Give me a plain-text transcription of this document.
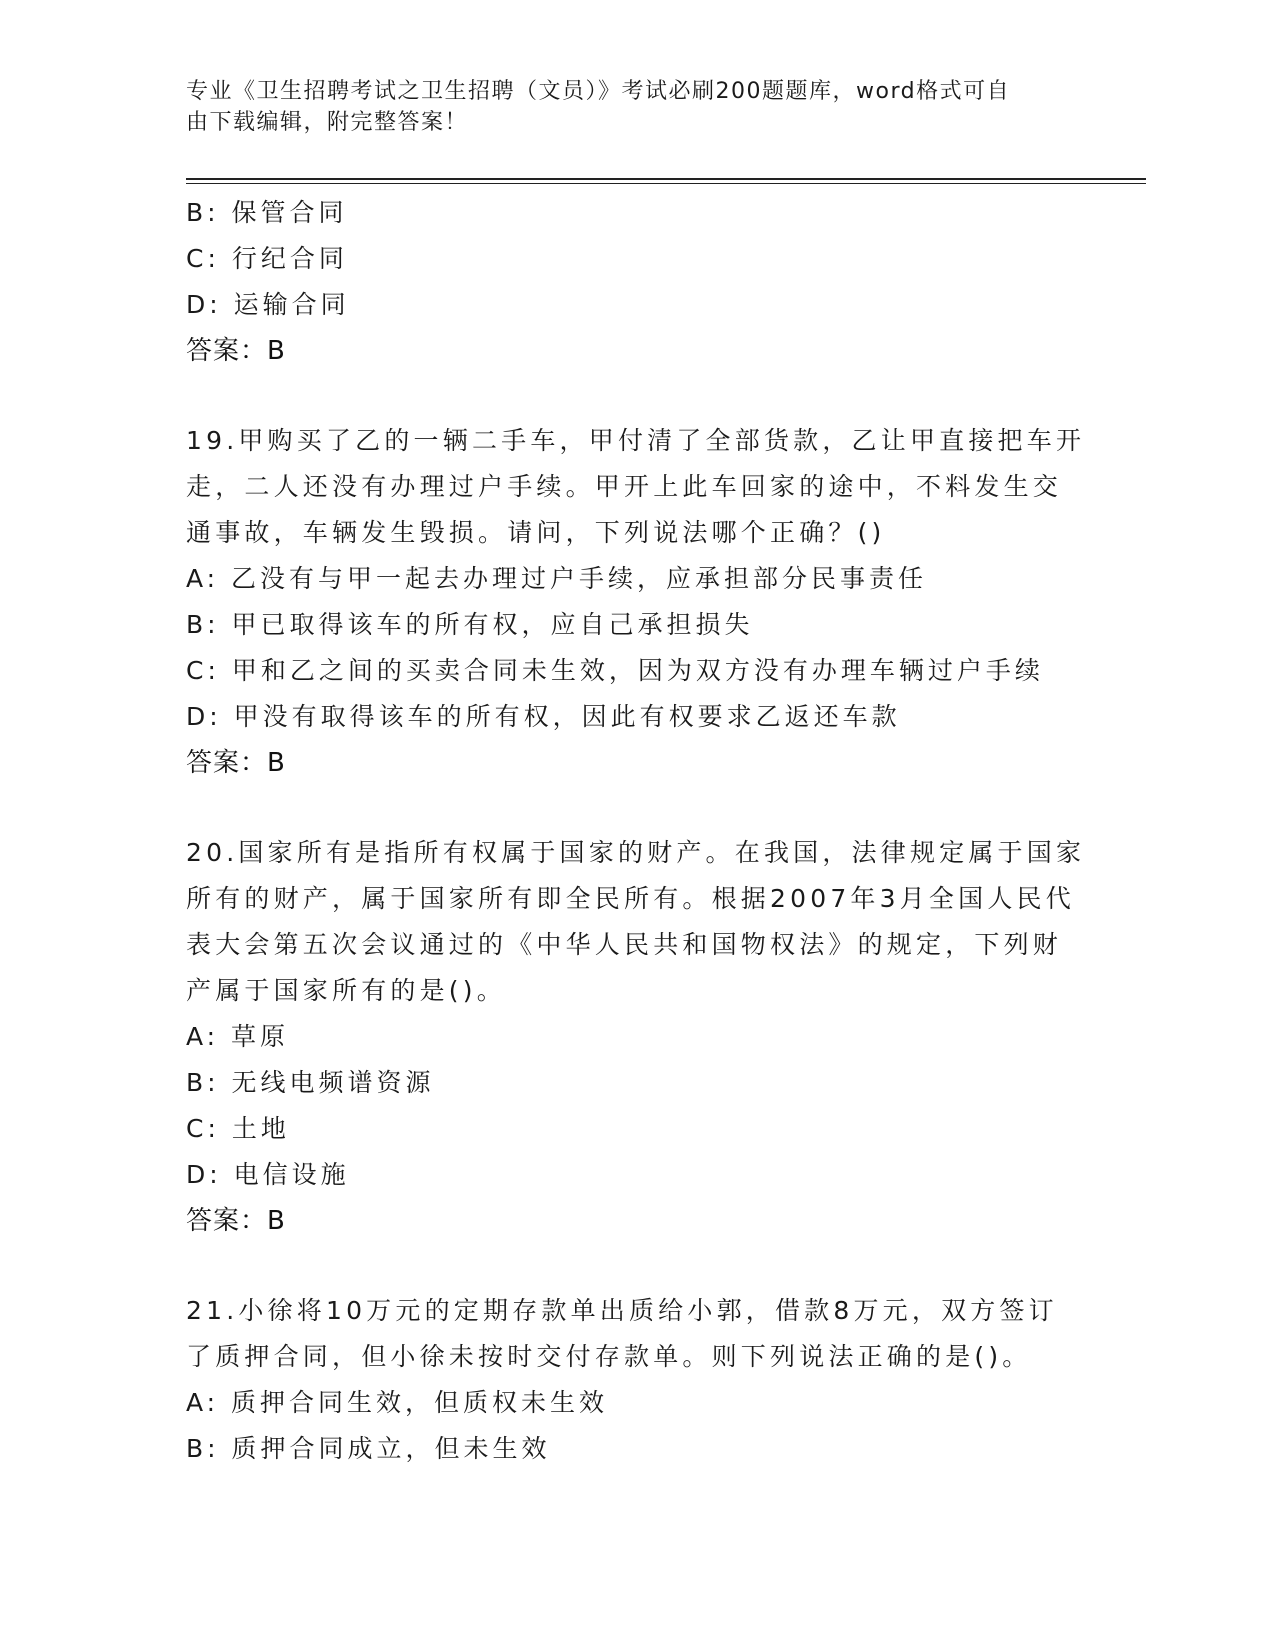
专业《卫生招聘考试之卫生招聘（文员）》考试必刷200题题库，word格式可自
由下载编辑，附完整答案！
B: 保管合同
C: 行纪合同
D: 运输合同
答案：B
19.甲购买了乙的一辆二手车，甲付清了全部货款，乙让甲直接把车开
走，二人还没有办理过户手续。甲开上此车回家的途中，不料发生交
通事故，车辆发生毁损。请问，下列说法哪个正确？()
A: 乙没有与甲一起去办理过户手续，应承担部分民事责任
B: 甲已取得该车的所有权，应自己承担损失
C: 甲和乙之间的买卖合同未生效，因为双方没有办理车辆过户手续
D: 甲没有取得该车的所有权，因此有权要求乙返还车款
答案：B
20.国家所有是指所有权属于国家的财产。在我国，法律规定属于国家
所有的财产，属于国家所有即全民所有。根据2007年3月全国人民代
表大会第五次会议通过的《中华人民共和国物权法》的规定，下列财
产属于国家所有的是()。
A: 草原
B: 无线电频谱资源
C: 土地
D: 电信设施
答案：B
21.小徐将10万元的定期存款单出质给小郭，借款8万元，双方签订
了质押合同，但小徐未按时交付存款单。则下列说法正确的是()。
A: 质押合同生效，但质权未生效
B: 质押合同成立，但未生效
